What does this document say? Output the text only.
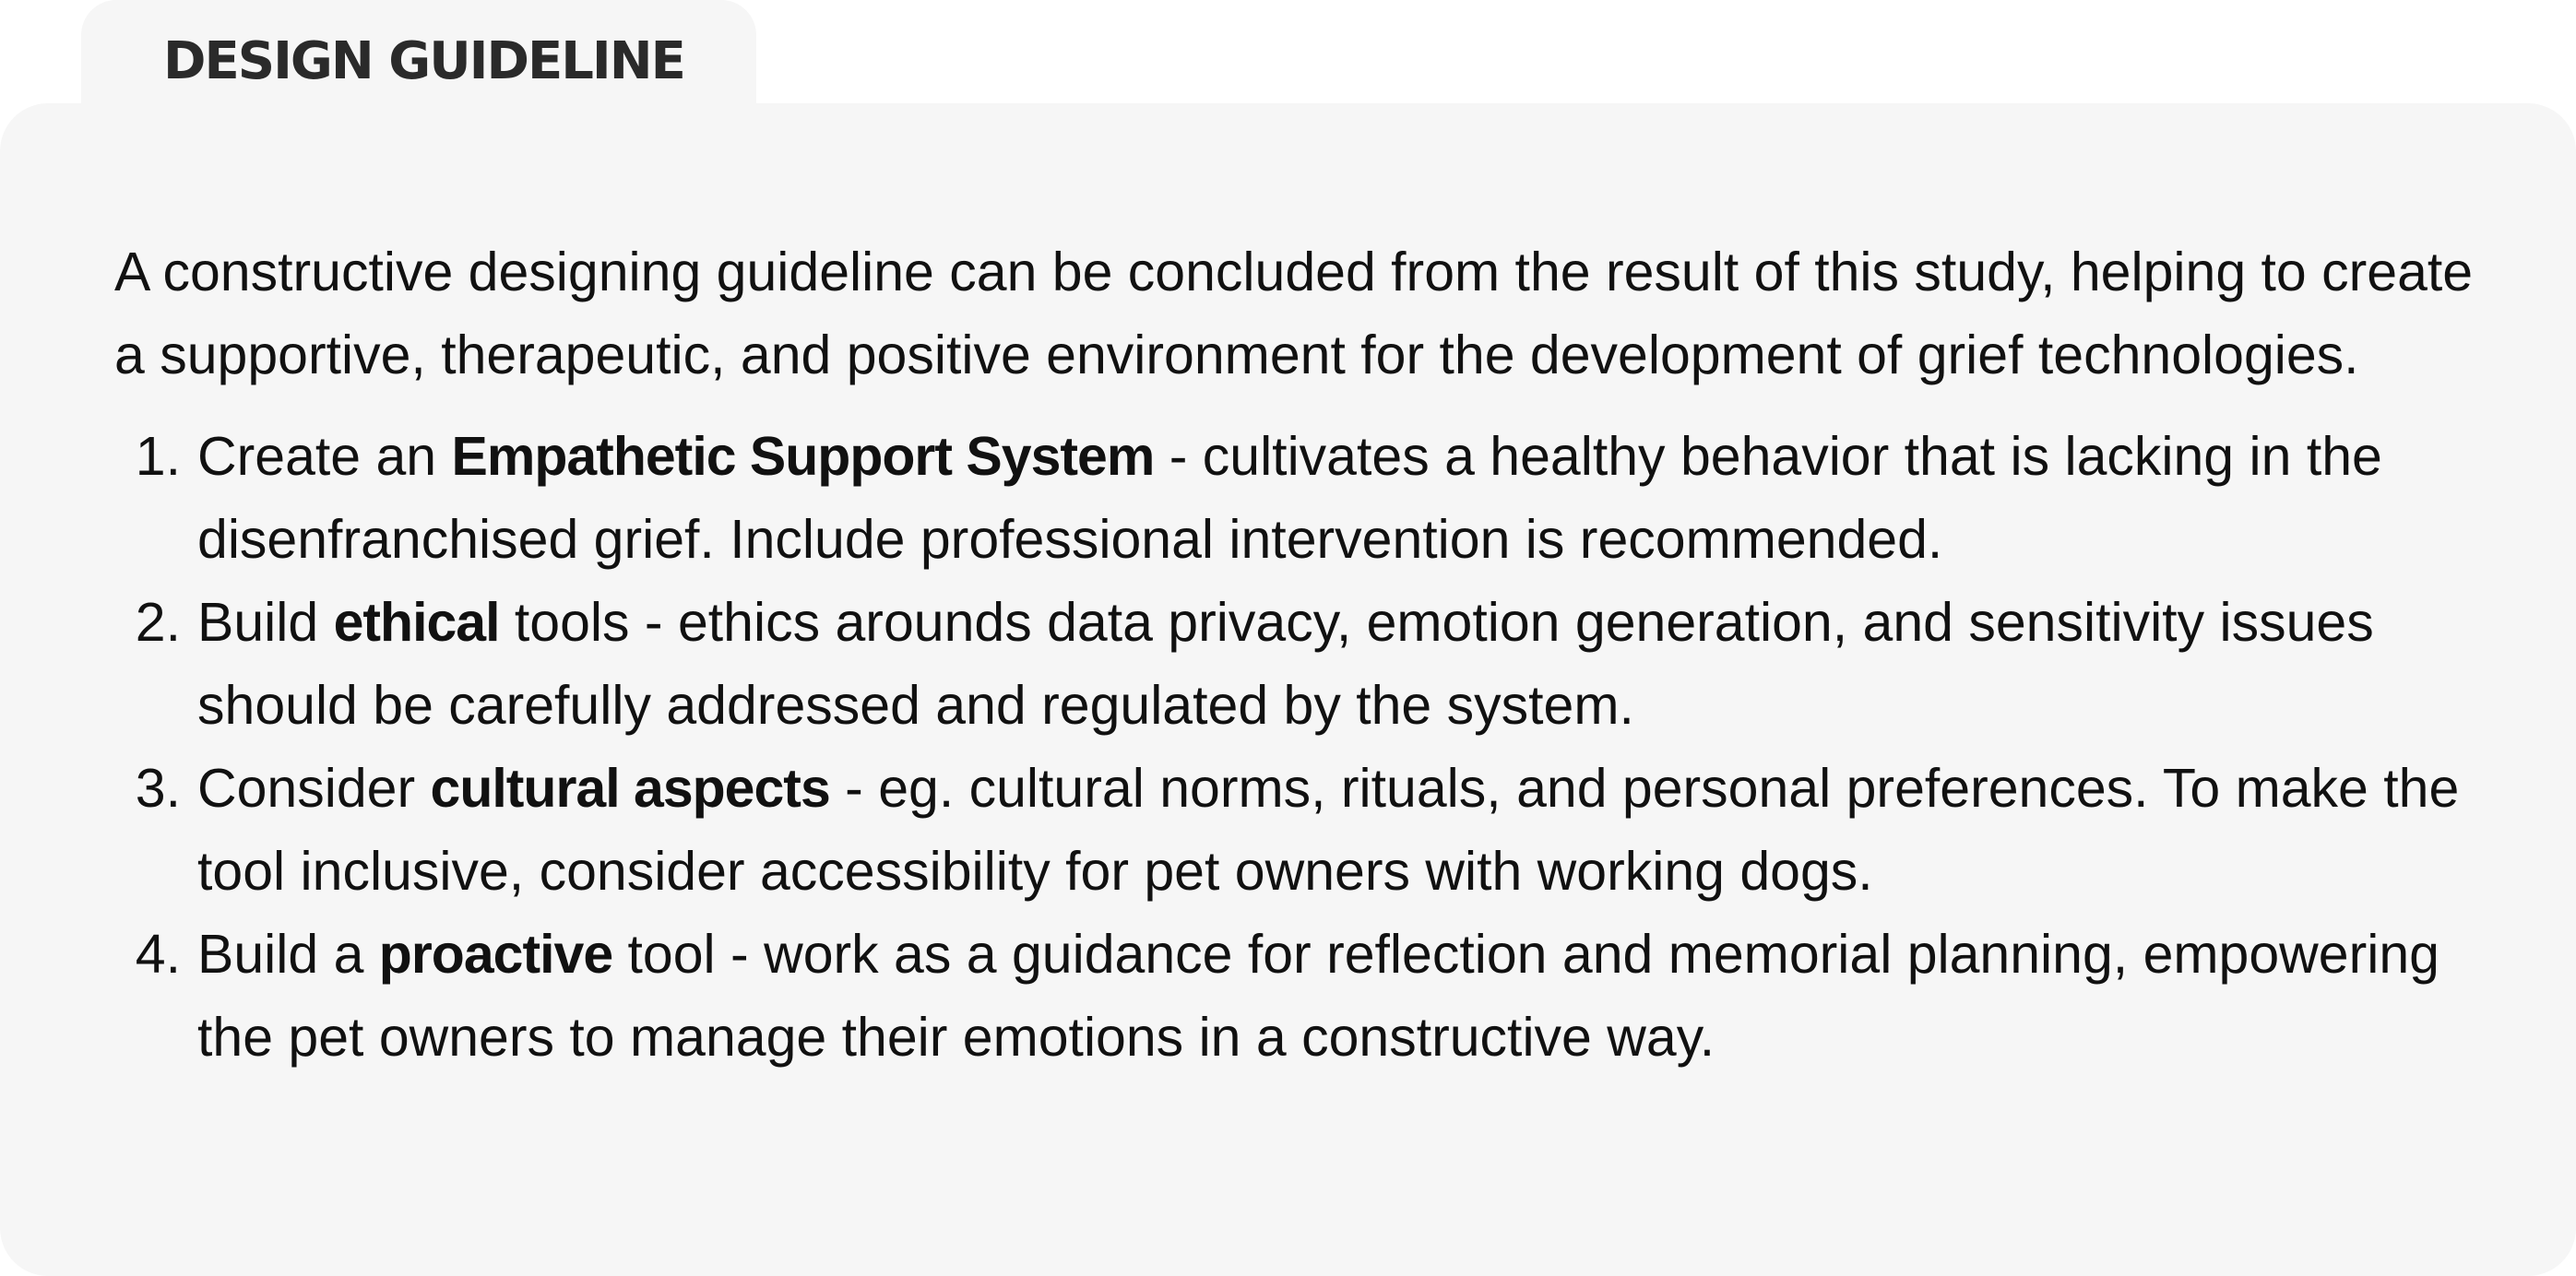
DESIGN GUIDELINE

A constructive designing guideline can be concluded from the result of this study, helping to create a supportive, therapeutic, and positive environment for the development of grief technologies.

1. Create an Empathetic Support System - cultivates a healthy behavior that is lacking in the disenfranchised grief. Include professional intervention is recommended.
2. Build ethical tools - ethics arounds data privacy, emotion generation, and sensitivity issues should be carefully addressed and regulated by the system.
3. Consider cultural aspects - eg. cultural norms, rituals, and personal preferences. To make the tool inclusive, consider accessibility for pet owners with working dogs.
4. Build a proactive tool - work as a guidance for reflection and memorial planning, empowering the pet owners to manage their emotions in a constructive way.
